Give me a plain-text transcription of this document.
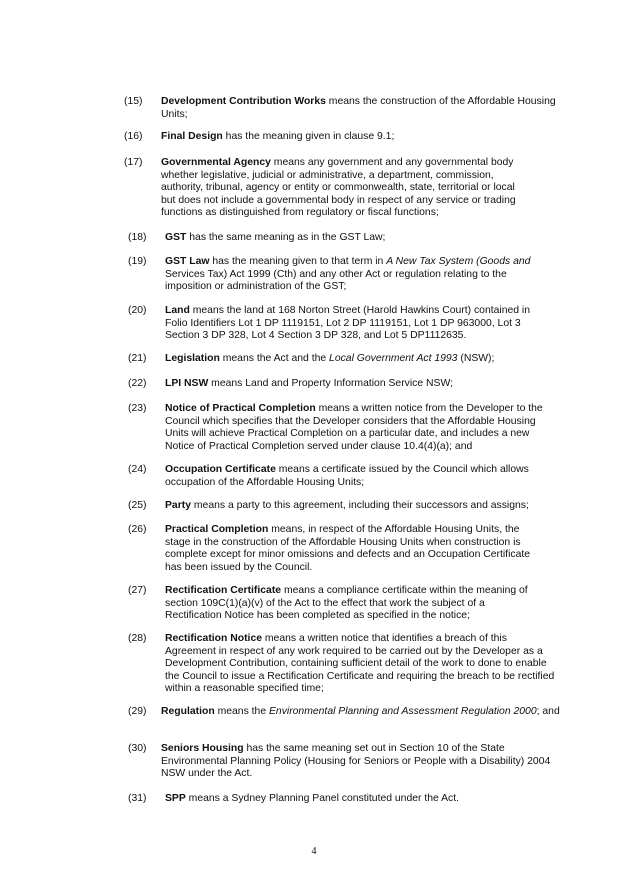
(15) Development Contribution Works means the construction of the Affordable Housing Units;
(16) Final Design has the meaning given in clause 9.1;
(17) Governmental Agency means any government and any governmental body whether legislative, judicial or administrative, a department, commission, authority, tribunal, agency or entity or commonwealth, state, territorial or local but does not include a governmental body in respect of any service or trading functions as distinguished from regulatory or fiscal functions;
(18) GST has the same meaning as in the GST Law;
(19) GST Law has the meaning given to that term in A New Tax System (Goods and Services Tax) Act 1999 (Cth) and any other Act or regulation relating to the imposition or administration of the GST;
(20) Land means the land at 168 Norton Street (Harold Hawkins Court) contained in Folio Identifiers Lot 1 DP 1119151, Lot 2 DP 1119151, Lot 1 DP 963000, Lot 3 Section 3 DP 328, Lot 4 Section 3 DP 328, and Lot 5 DP1112635.
(21) Legislation means the Act and the Local Government Act 1993 (NSW);
(22) LPI NSW means Land and Property Information Service NSW;
(23) Notice of Practical Completion means a written notice from the Developer to the Council which specifies that the Developer considers that the Affordable Housing Units will achieve Practical Completion on a particular date, and includes a new Notice of Practical Completion served under clause 10.4(4)(a); and
(24) Occupation Certificate means a certificate issued by the Council which allows occupation of the Affordable Housing Units;
(25) Party means a party to this agreement, including their successors and assigns;
(26) Practical Completion means, in respect of the Affordable Housing Units, the stage in the construction of the Affordable Housing Units when construction is complete except for minor omissions and defects and an Occupation Certificate has been issued by the Council.
(27) Rectification Certificate means a compliance certificate within the meaning of section 109C(1)(a)(v) of the Act to the effect that work the subject of a Rectification Notice has been completed as specified in the notice;
(28) Rectification Notice means a written notice that identifies a breach of this Agreement in respect of any work required to be carried out by the Developer as a Development Contribution, containing sufficient detail of the work to done to enable the Council to issue a Rectification Certificate and requiring the breach to be rectified within a reasonable specified time;
(29) Regulation means the Environmental Planning and Assessment Regulation 2000; and
(30) Seniors Housing has the same meaning set out in Section 10 of the State Environmental Planning Policy (Housing for Seniors or People with a Disability) 2004 NSW under the Act.
(31) SPP means a Sydney Planning Panel constituted under the Act.
4
